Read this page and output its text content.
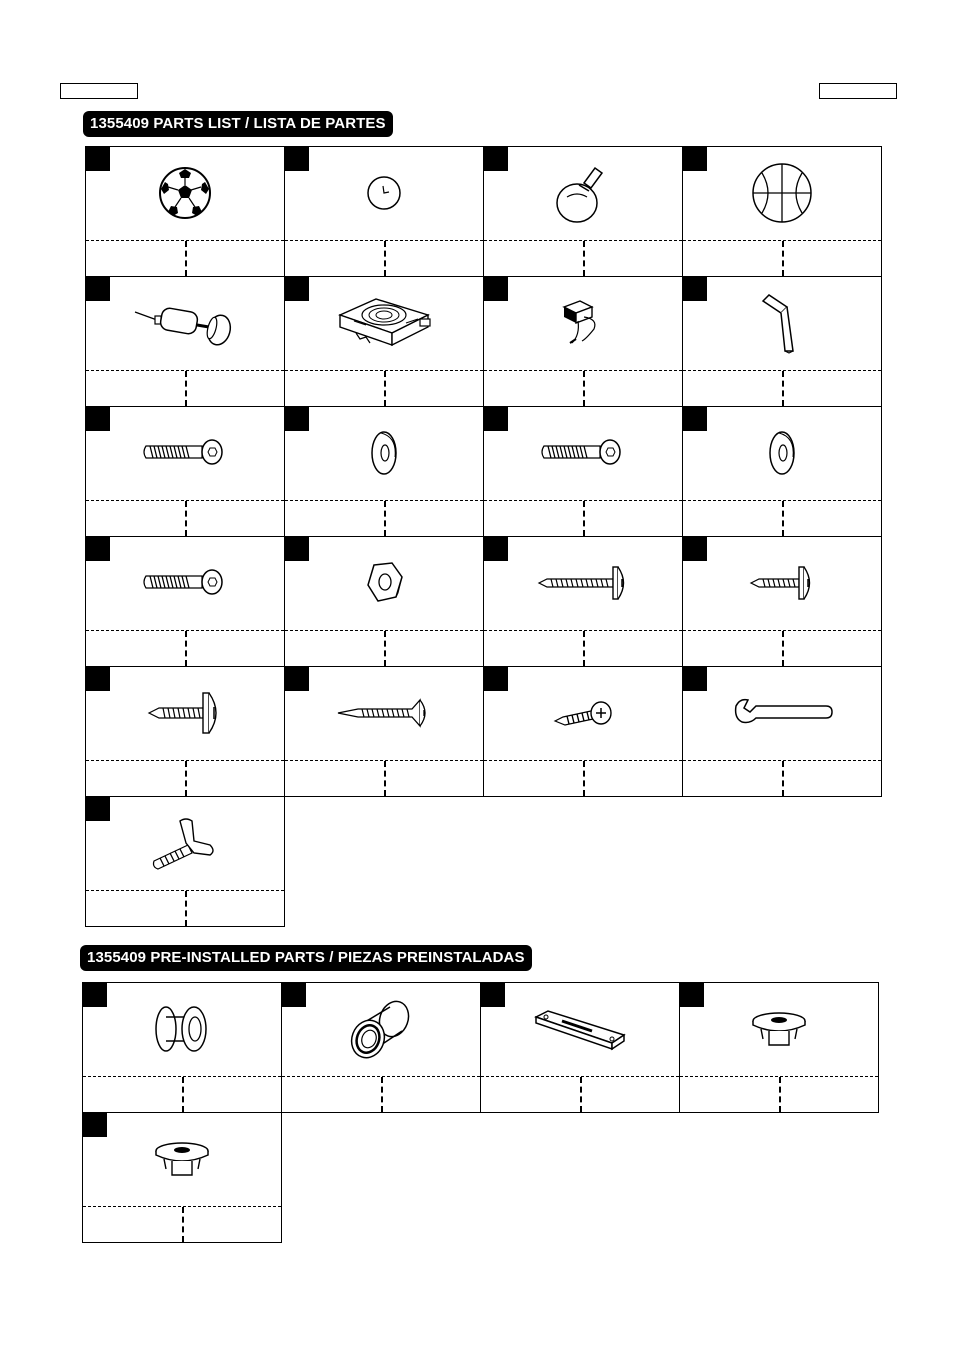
1355409 PARTS LIST / LISTA DE PARTES
1355409 PRE-INSTALLED PARTS / PIEZAS PREINSTALADAS
